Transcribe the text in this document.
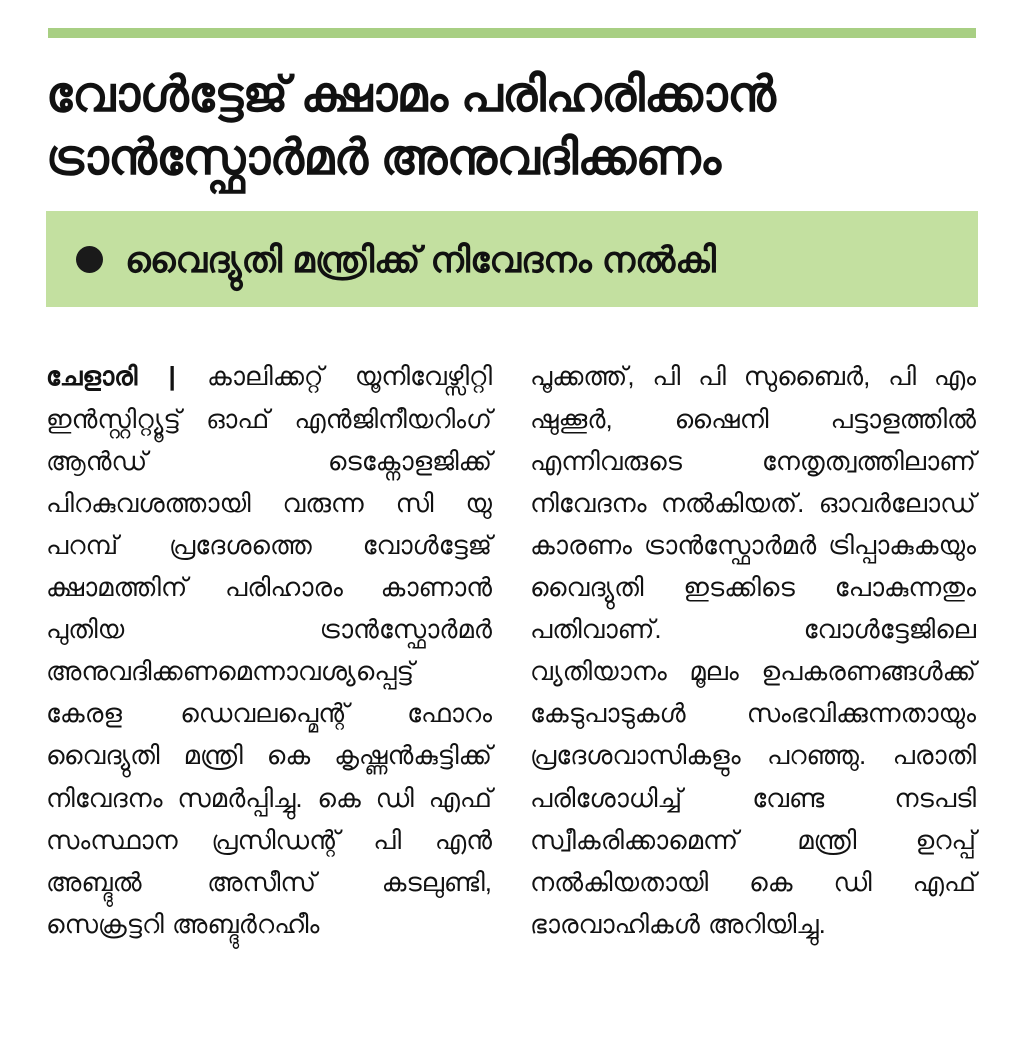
വോൾട്ടേജ് ക്ഷാമം പരിഹരിക്കാൻ
ട്രാൻസ്ഫോർമർ അനുവദിക്കണം
വൈദ്യുതി മന്ത്രിക്ക് നിവേദനം നൽകി

ചേളാരി | കാലിക്കറ്റ് യൂനിവേഴ്സിറ്റി ഇൻസ്റ്റിറ്റ്യൂട്ട് ഓഫ് എൻജിനീയറിംഗ് ആൻഡ് ടെക്നോളജിക്ക് പിറകുവശത്തായി വരുന്ന സി യു പറമ്പ് പ്രദേശത്തെ വോൾട്ടേജ് ക്ഷാമത്തിന് പരിഹാരം കാണാൻ പുതിയ ട്രാൻസ്ഫോർമർ അനുവദിക്കണമെന്നാവശ്യപ്പെട്ട് കേരള ഡെവലപ്മെന്റ് ഫോറം വൈദ്യുതി മന്ത്രി കെ കൃഷ്ണൻകുട്ടിക്ക് നിവേദനം സമർപ്പിച്ചു. കെ ഡി എഫ് സംസ്ഥാന പ്രസിഡന്റ് പി എൻ അബ്ദുൽ അസീസ് കടലുണ്ടി, സെക്രട്ടറി അബ്ദുർറഹീം

പൂക്കത്ത്, പി പി സുബൈർ, പി എം ഷുക്കൂർ, ഷൈനി പട്ടാളത്തിൽ എന്നിവരുടെ നേതൃത്വത്തിലാണ് നിവേദനം നൽകിയത്. ഓവർലോഡ് കാരണം ട്രാൻസ്ഫോർമർ ട്രിപ്പാകുകയും വൈദ്യുതി ഇടക്കിടെ പോകുന്നതും പതിവാണ്. വോൾട്ടേജിലെ വ്യതിയാനം മൂലം ഉപകരണങ്ങൾക്ക് കേടുപാടുകൾ സംഭവിക്കുന്നതായും പ്രദേശവാസികളും പറഞ്ഞു. പരാതി പരിശോധിച്ച് വേണ്ട നടപടി സ്വീകരിക്കാമെന്ന് മന്ത്രി ഉറപ്പ് നൽകിയതായി കെ ഡി എഫ് ഭാരവാഹികൾ അറിയിച്ചു.
